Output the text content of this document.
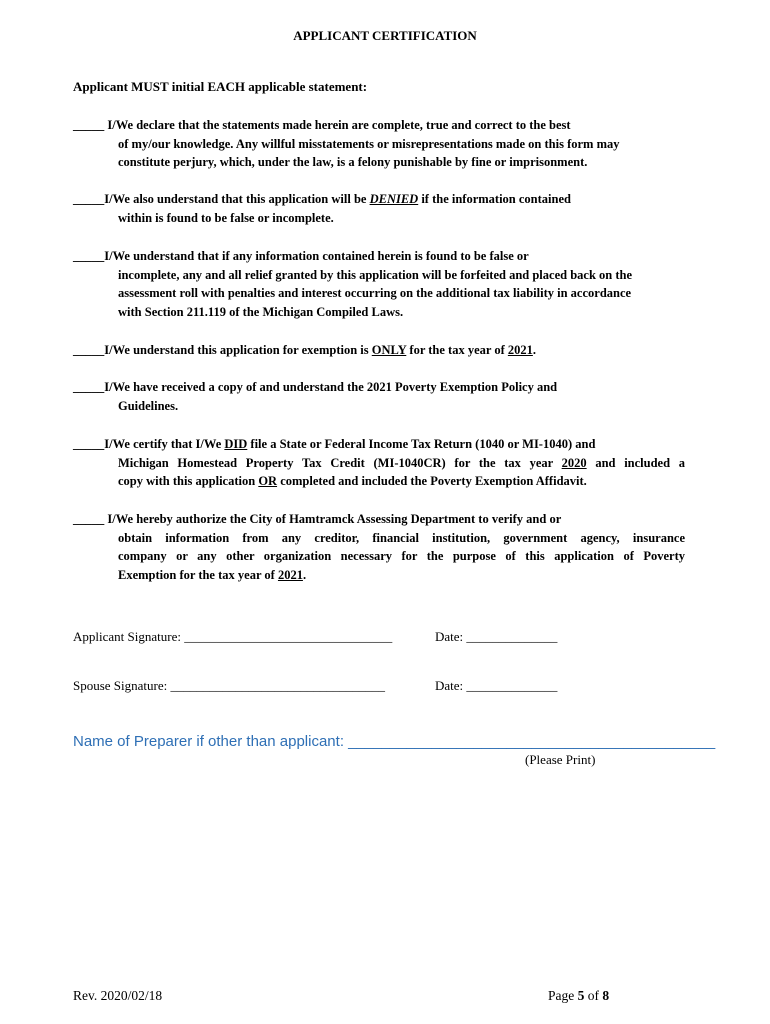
APPLICANT CERTIFICATION
Applicant MUST initial EACH applicable statement:
_____ I/We declare that the statements made herein are complete, true and correct to the best
of my/our knowledge. Any willful misstatements or misrepresentations made on this form may
constitute perjury, which, under the law, is a felony punishable by fine or imprisonment.
_____I/We also understand that this application will be DENIED if the information contained
within is found to be false or incomplete.
_____I/We understand that if any information contained herein is found to be false or
incomplete, any and all relief granted by this application will be forfeited and placed back on the
assessment roll with penalties and interest occurring on the additional tax liability in accordance
with Section 211.119 of the Michigan Compiled Laws.
_____I/We understand this application for exemption is ONLY for the tax year of 2021.
_____I/We have received a copy of and understand the 2021 Poverty Exemption Policy and
Guidelines.
_____I/We certify that I/We DID file a State or Federal Income Tax Return (1040 or MI-1040) and
Michigan Homestead Property Tax Credit (MI-1040CR) for the tax year 2020 and included a
copy with this application OR completed and included the Poverty Exemption Affidavit.
_____ I/We hereby authorize the City of Hamtramck Assessing Department to verify and or
obtain information from any creditor, financial institution, government agency, insurance
company or any other organization necessary for the purpose of this application of Poverty
Exemption for the tax year of 2021.
Applicant Signature: ________________________________	Date: ______________
Spouse Signature: _________________________________	Date: ______________
Name of Preparer if other than applicant: ____________________________________________
(Please Print)
Rev. 2020/02/18	Page 5 of 8
